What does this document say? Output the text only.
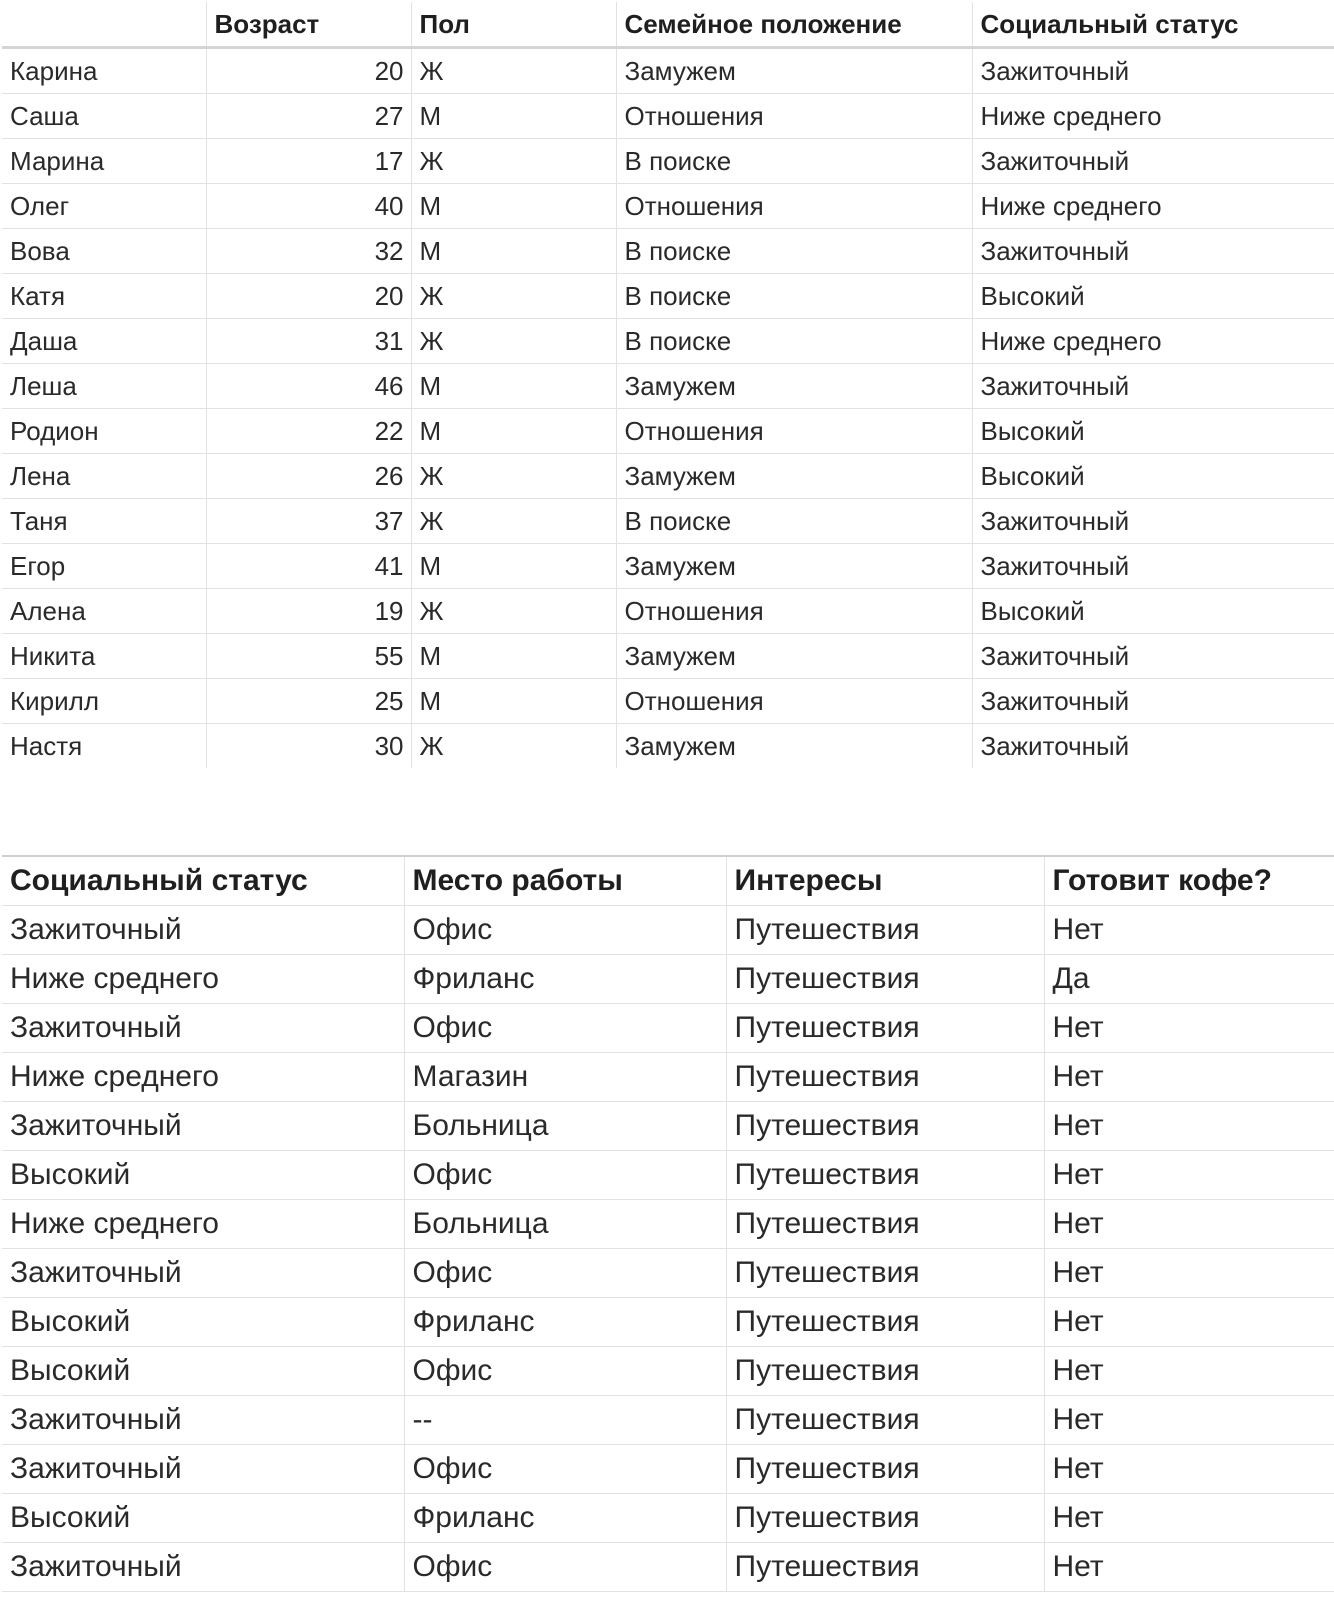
	Возраст	Пол	Семейное положение	Социальный статус
Карина	20	Ж	Замужем	Зажиточный
Саша	27	М	Отношения	Ниже среднего
Марина	17	Ж	В поиске	Зажиточный
Олег	40	М	Отношения	Ниже среднего
Вова	32	М	В поиске	Зажиточный
Катя	20	Ж	В поиске	Высокий
Даша	31	Ж	В поиске	Ниже среднего
Леша	46	М	Замужем	Зажиточный
Родион	22	М	Отношения	Высокий
Лена	26	Ж	Замужем	Высокий
Таня	37	Ж	В поиске	Зажиточный
Егор	41	М	Замужем	Зажиточный
Алена	19	Ж	Отношения	Высокий
Никита	55	М	Замужем	Зажиточный
Кирилл	25	М	Отношения	Зажиточный
Настя	30	Ж	Замужем	Зажиточный
Социальный статус	Место работы	Интересы	Готовит кофе?
Зажиточный	Офис	Путешествия	Нет
Ниже среднего	Фриланс	Путешествия	Да
Зажиточный	Офис	Путешествия	Нет
Ниже среднего	Магазин	Путешествия	Нет
Зажиточный	Больница	Путешествия	Нет
Высокий	Офис	Путешествия	Нет
Ниже среднего	Больница	Путешествия	Нет
Зажиточный	Офис	Путешествия	Нет
Высокий	Фриланс	Путешествия	Нет
Высокий	Офис	Путешествия	Нет
Зажиточный	--	Путешествия	Нет
Зажиточный	Офис	Путешествия	Нет
Высокий	Фриланс	Путешествия	Нет
Зажиточный	Офис	Путешествия	Нет
